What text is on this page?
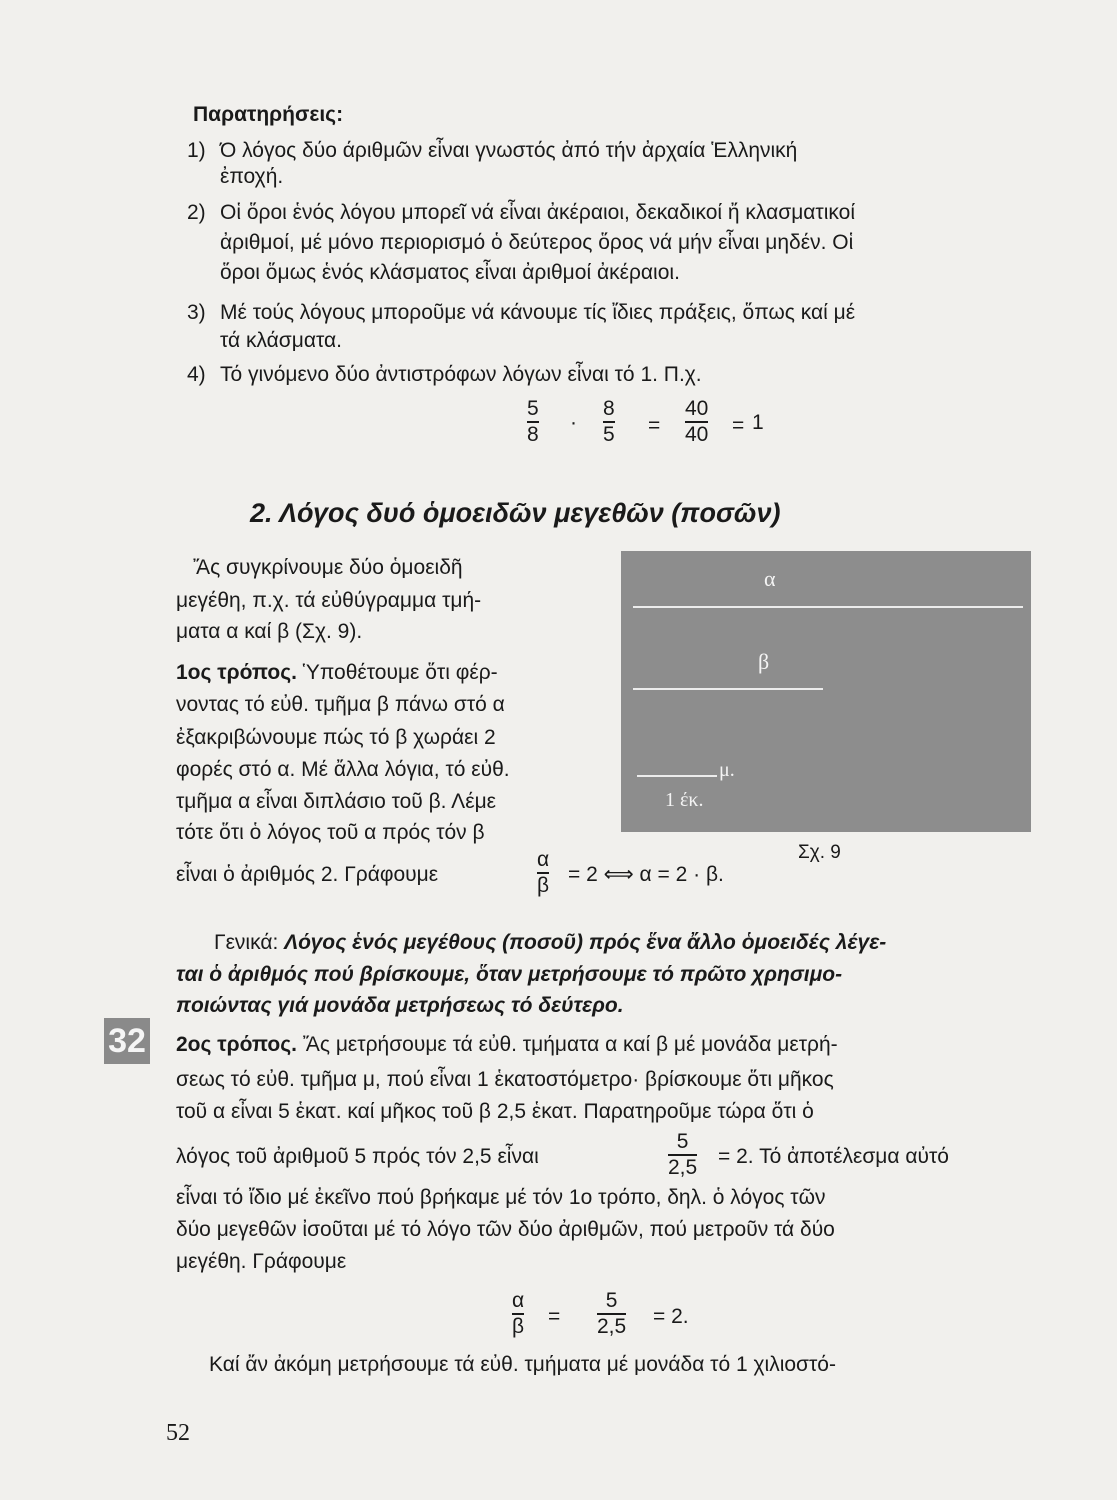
Παρατηρήσεις:
1) Ό λόγος δύο άριθμῶν εἶναι γνωστός ἀπό τήν ἀρχαία Ἑλληνική
ἐποχή.
2) Οἱ ὅροι ἑνός λόγου μπορεῖ νά εἶναι ἀκέραιοι, δεκαδικοί ἤ κλασματικοί
ἀριθμοί, μέ μόνο περιορισμό ὁ δεύτερος ὅρος νά μήν εἶναι μηδέν. Οἱ
ὅροι ὅμως ἑνός κλάσματος εἶναι ἀριθμοί ἀκέραιοι.
3) Μέ τούς λόγους μποροῦμε νά κάνουμε τίς ἴδιες πράξεις, ὅπως καί μέ
τά κλάσματα.
4) Τό γινόμενο δύο ἀντιστρόφων λόγων εἶναι τό 1. Π.χ.
5
8
·
8
5 =
40
40 = 1
2. Λόγος δυό ὁμοειδῶν μεγεθῶν (ποσῶν)
Ἄς συγκρίνουμε δύο ὁμοειδῆ
μεγέθη, π.χ. τά εὐθύγραμμα τμή-
ματα α καί β (Σχ. 9).
1ος τρόπος. Ὑποθέτουμε ὅτι φέρ-
νοντας τό εὐθ. τμῆμα β πάνω στό α
ἐξακριβώνουμε πώς τό β χωράει 2
φορές στό α. Μέ ἄλλα λόγια, τό εὐθ.
τμῆμα α εἶναι διπλάσιο τοῦ β. Λέμε
τότε ὅτι ὁ λόγος τοῦ α πρός τόν β
εἶναι ὁ ἀριθμός 2. Γράφουμε
α
β = 2 ⟺ α = 2 · β.
α
β
μ.
1 έκ.
Σχ. 9
Γενικά: Λόγος ἑνός μεγέθους (ποσοῦ) πρός ἕνα ἄλλο ὁμοειδές λέγε-
ται ὁ ἀριθμός πού βρίσκουμε, ὅταν μετρήσουμε τό πρῶτο χρησιμο-
ποιώντας γιά μονάδα μετρήσεως τό δεύτερο.
32 2ος τρόπος. Ἄς μετρήσουμε τά εὐθ. τμήματα α καί β μέ μονάδα μετρή-
σεως τό εὐθ. τμῆμα μ, πού εἶναι 1 ἑκατοστόμετρο· βρίσκουμε ὅτι μῆκος
τοῦ α εἶναι 5 ἑκατ. καί μῆκος τοῦ β 2,5 ἑκατ. Παρατηροῦμε τώρα ὅτι ὁ
λόγος τοῦ ἀριθμοῦ 5 πρός τόν 2,5 εἶναι
5
2,5 = 2. Τό ἀποτέλεσμα αὐτό
εἶναι τό ἴδιο μέ ἐκεῖνο πού βρήκαμε μέ τόν 1ο τρόπο, δηλ. ὁ λόγος τῶν
δύο μεγεθῶν ἰσοῦται μέ τό λόγο τῶν δύο ἀριθμῶν, πού μετροῦν τά δύο
μεγέθη. Γράφουμε
α
β =
5
2,5 = 2.
Καί ἄν ἀκόμη μετρήσουμε τά εὐθ. τμήματα μέ μονάδα τό 1 χιλιοστό-
52
